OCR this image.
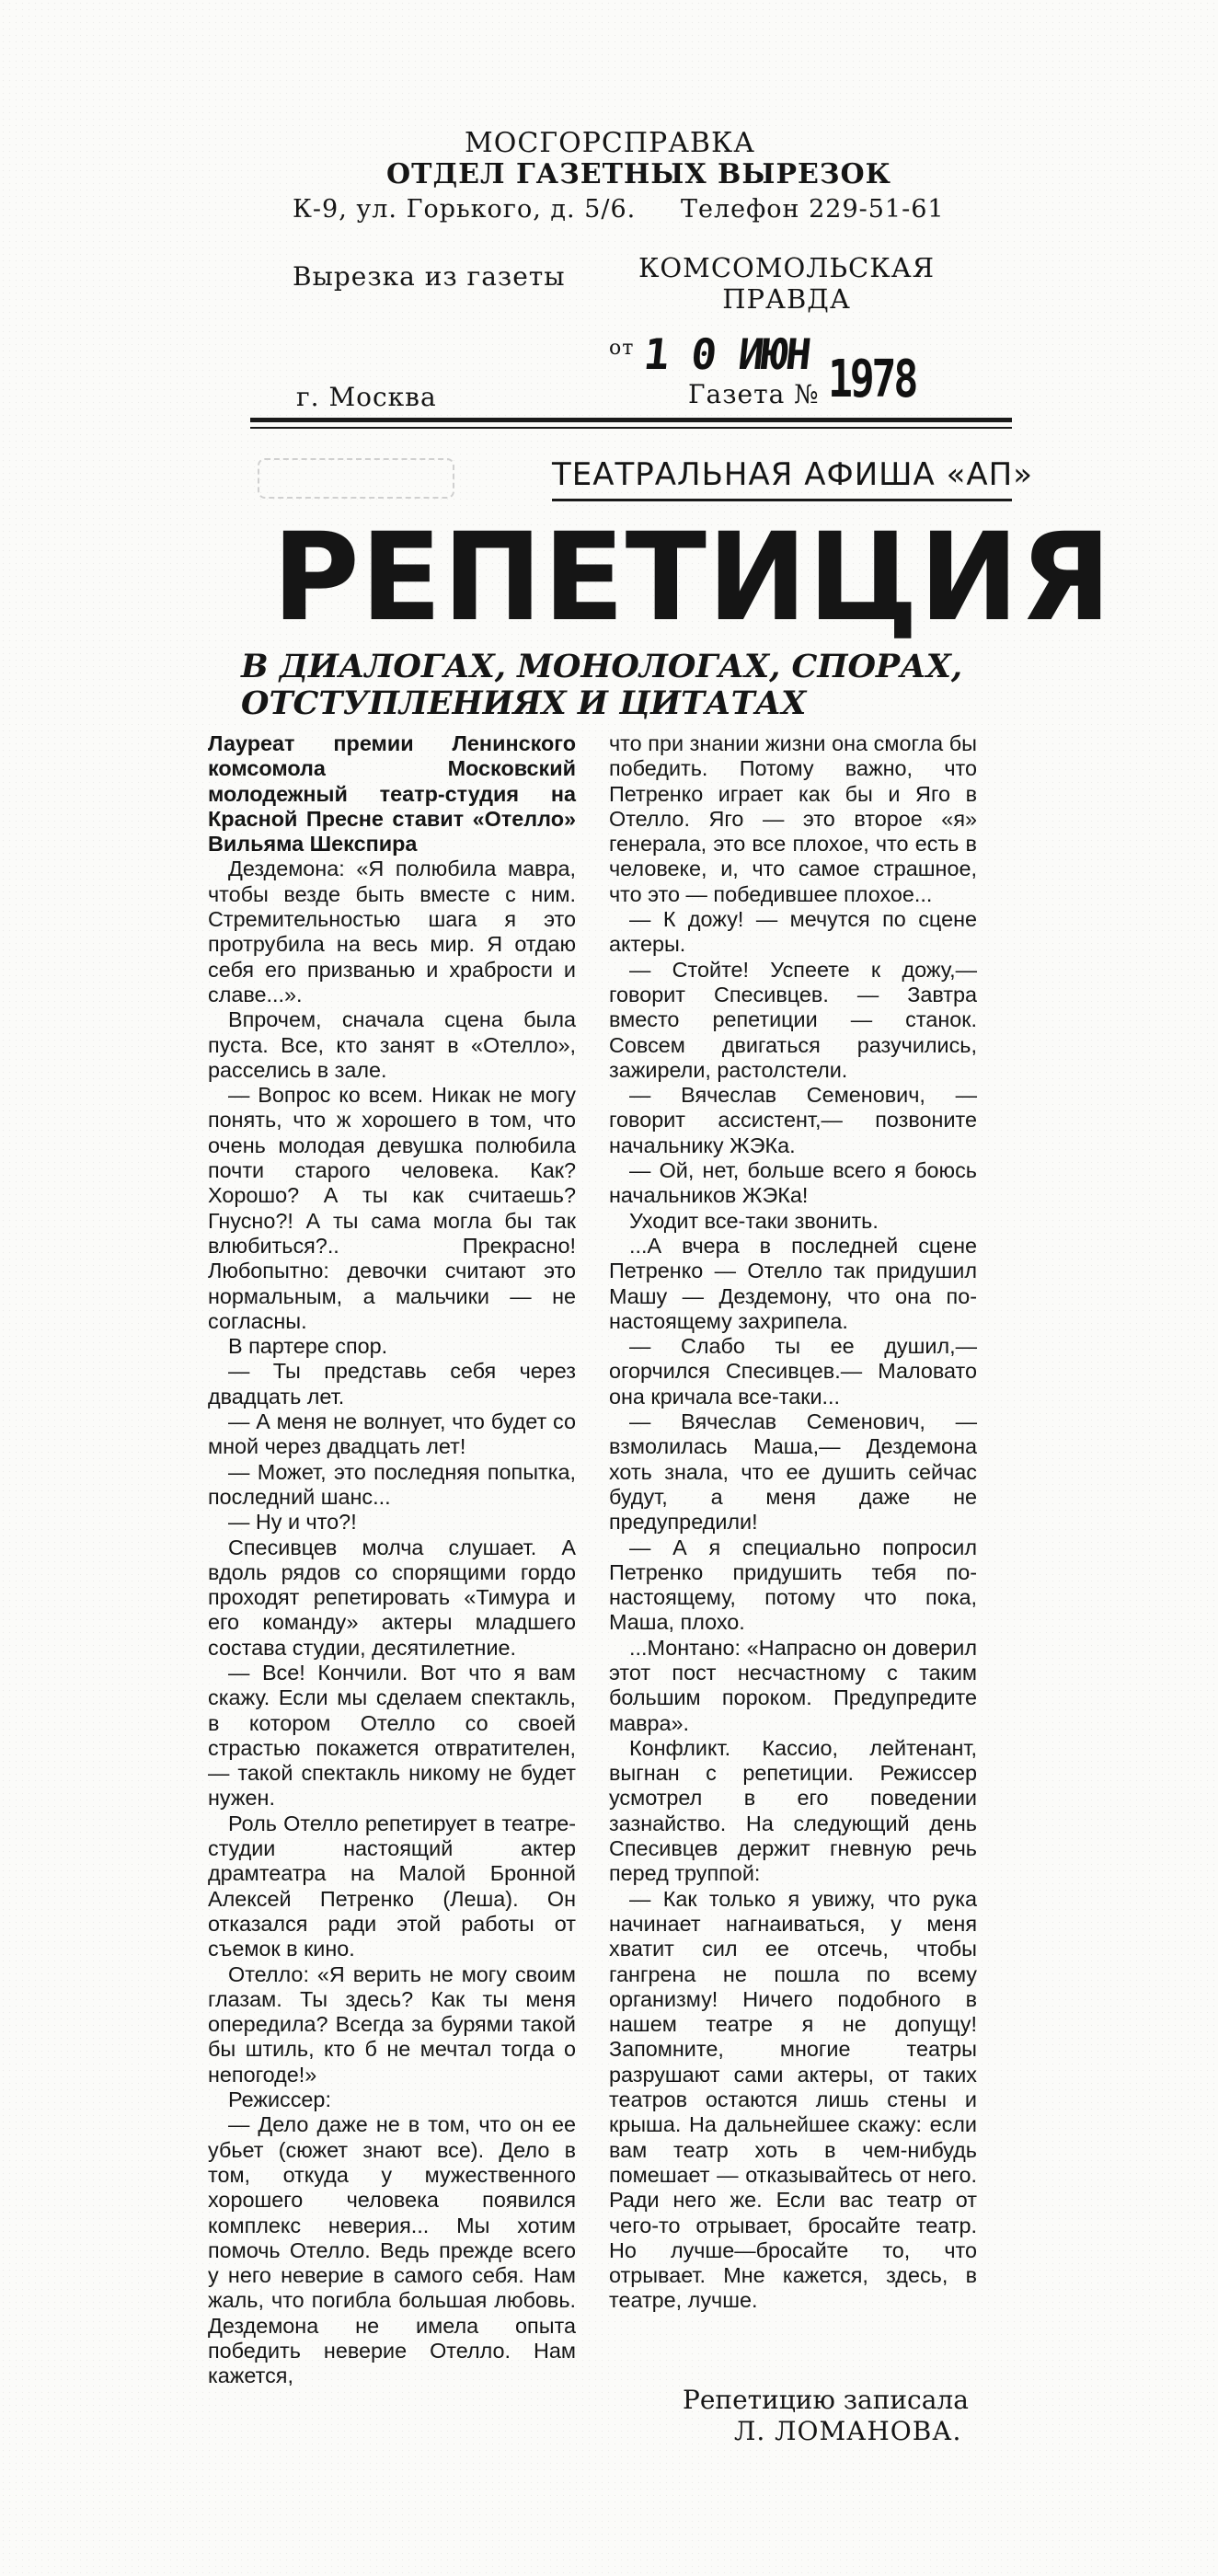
МОСГОРСПРАВКА
ОТДЕЛ ГАЗЕТНЫХ ВЫРЕЗОК
К-9, ул. Горького, д. 5/6. Телефон 229-51-61
Вырезка из газеты	КОМСОМОЛЬСКАЯ ПРАВДА
от 1 0 ИЮН
г. Москва	Газета № 1978
ТЕАТРАЛЬНАЯ АФИША «АП»
РЕПЕТИЦИЯ
В ДИАЛОГАХ, МОНОЛОГАХ, СПОРАХ, ОТСТУПЛЕНИЯХ И ЦИТАТАХ

Лауреат премии Ленинского комсомола Московский молодежный театр-студия на Красной Пресне ставит «Отелло» Вильяма Шекспира

Дездемона: «Я полюбила мавра, чтобы везде быть вместе с ним. Стремительностью шага я это протрубила на весь мир. Я отдаю себя его призванью и храбрости и славе...».

Впрочем, сначала сцена была пуста. Все, кто занят в «Отелло», расселись в зале.

— Вопрос ко всем. Никак не могу понять, что ж хорошего в том, что очень молодая девушка полюбила почти старого человека. Как? Хорошо? А ты как считаешь? Гнусно?! А ты сама могла бы так влюбиться?.. Прекрасно! Любопытно: девочки считают это нормальным, а мальчики — не согласны.

В партере спор.

— Ты представь себя через двадцать лет.

— А меня не волнует, что будет со мной через двадцать лет!

— Может, это последняя попытка, последний шанс...

— Ну и что?!

Спесивцев молча слушает. А вдоль рядов со спорящими гордо проходят репетировать «Тимура и его команду» актеры младшего состава студии, десятилетние.

— Все! Кончили. Вот что я вам скажу. Если мы сделаем спектакль, в котором Отелло со своей страстью покажется отвратителен,— такой спектакль никому не будет нужен.

Роль Отелло репетирует в театре-студии настоящий актер драмтеатра на Малой Бронной Алексей Петренко (Леша). Он отказался ради этой работы от съемок в кино.

Отелло: «Я верить не могу своим глазам. Ты здесь? Как ты меня опередила? Всегда за бурями такой бы штиль, кто б не мечтал тогда о непогоде!»

Режиссер:

— Дело даже не в том, что он ее убьет (сюжет знают все). Дело в том, откуда у мужественного хорошего человека появился комплекс неверия... Мы хотим помочь Отелло. Ведь прежде всего у него неверие в самого себя. Нам жаль, что погибла большая любовь. Дездемона не имела опыта победить неверие Отелло. Нам кажется,

что при знании жизни она смогла бы победить. Потому важно, что Петренко играет как бы и Яго в Отелло. Яго — это второе «я» генерала, это все плохое, что есть в человеке, и, что самое страшное, что это — победившее плохое...

— К дожу! — мечутся по сцене актеры.

— Стойте! Успеете к дожу,— говорит Спесивцев. — Завтра вместо репетиции — станок. Совсем двигаться разучились, зажирели, растолстели.

— Вячеслав Семенович, — говорит ассистент,— позвоните начальнику ЖЭКа.

— Ой, нет, больше всего я боюсь начальников ЖЭКа!

Уходит все-таки звонить.

...А вчера в последней сцене Петренко — Отелло так придушил Машу — Дездемону, что она по-настоящему захрипела.

— Слабо ты ее душил,— огорчился Спесивцев.— Маловато она кричала все-таки...

— Вячеслав Семенович, — взмолилась Маша,— Дездемона хоть знала, что ее душить сейчас будут, а меня даже не предупредили!

— А я специально попросил Петренко придушить тебя по-настоящему, потому что пока, Маша, плохо.

...Монтано: «Напрасно он доверил этот пост несчастному с таким большим пороком. Предупредите мавра».

Конфликт. Кассио, лейтенант, выгнан с репетиции. Режиссер усмотрел в его поведении зазнайство. На следующий день Спесивцев держит гневную речь перед труппой:

— Как только я увижу, что рука начинает нагнаиваться, у меня хватит сил ее отсечь, чтобы гангрена не пошла по всему организму! Ничего подобного в нашем театре я не допущу! Запомните, многие театры разрушают сами актеры, от таких театров остаются лишь стены и крыша. На дальнейшее скажу: если вам театр хоть в чем-нибудь помешает — отказывайтесь от него. Ради него же. Если вас театр от чего-то отрывает, бросайте театр. Но лучше—бросайте то, что отрывает. Мне кажется, здесь, в театре, лучше.

Репетицию записала
Л. ЛОМАНОВА.
